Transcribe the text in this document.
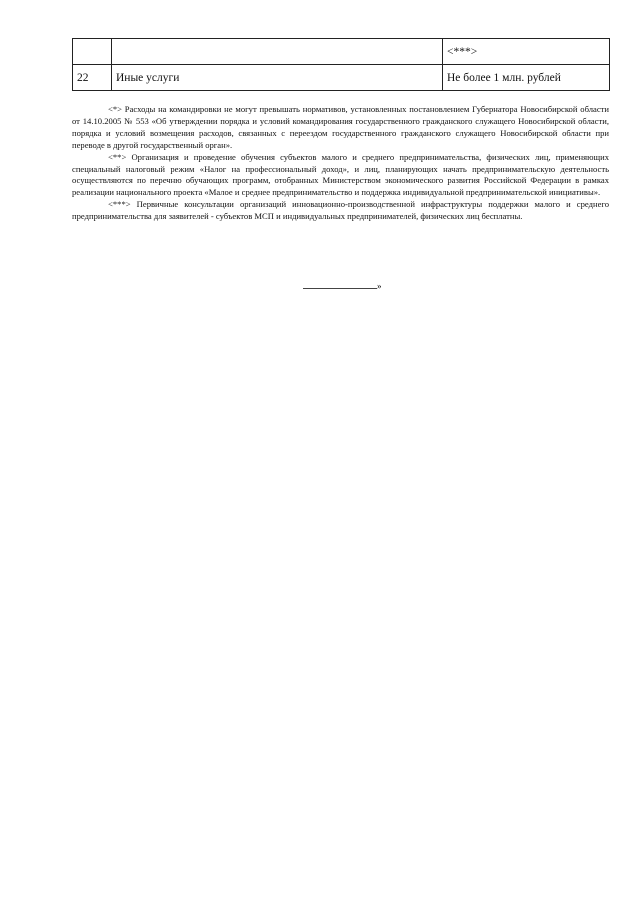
		<***>
22	Иные услуги	Не более 1 млн. рублей

<*> Расходы на командировки не могут превышать нормативов, установленных постановлением Губернатора Новосибирской области от 14.10.2005 № 553 «Об утверждении порядка и условий командирования государственного гражданского служащего Новосибирской области, порядка и условий возмещения расходов, связанных с переездом государственного гражданского служащего Новосибирской области при переводе в другой государственный орган».

<**> Организация и проведение обучения субъектов малого и среднего предпринимательства, физических лиц, применяющих специальный налоговый режим «Налог на профессиональный доход», и лиц, планирующих начать предпринимательскую деятельность осуществляются по перечню обучающих программ, отобранных Министерством экономического развития Российской Федерации в рамках реализации национального проекта «Малое и среднее предпринимательство и поддержка индивидуальной предпринимательской инициативы».

<***> Первичные консультации организаций инновационно-производственной инфраструктуры поддержки малого и среднего предпринимательства для заявителей - субъектов МСП и индивидуальных предпринимателей, физических лиц бесплатны.

»
